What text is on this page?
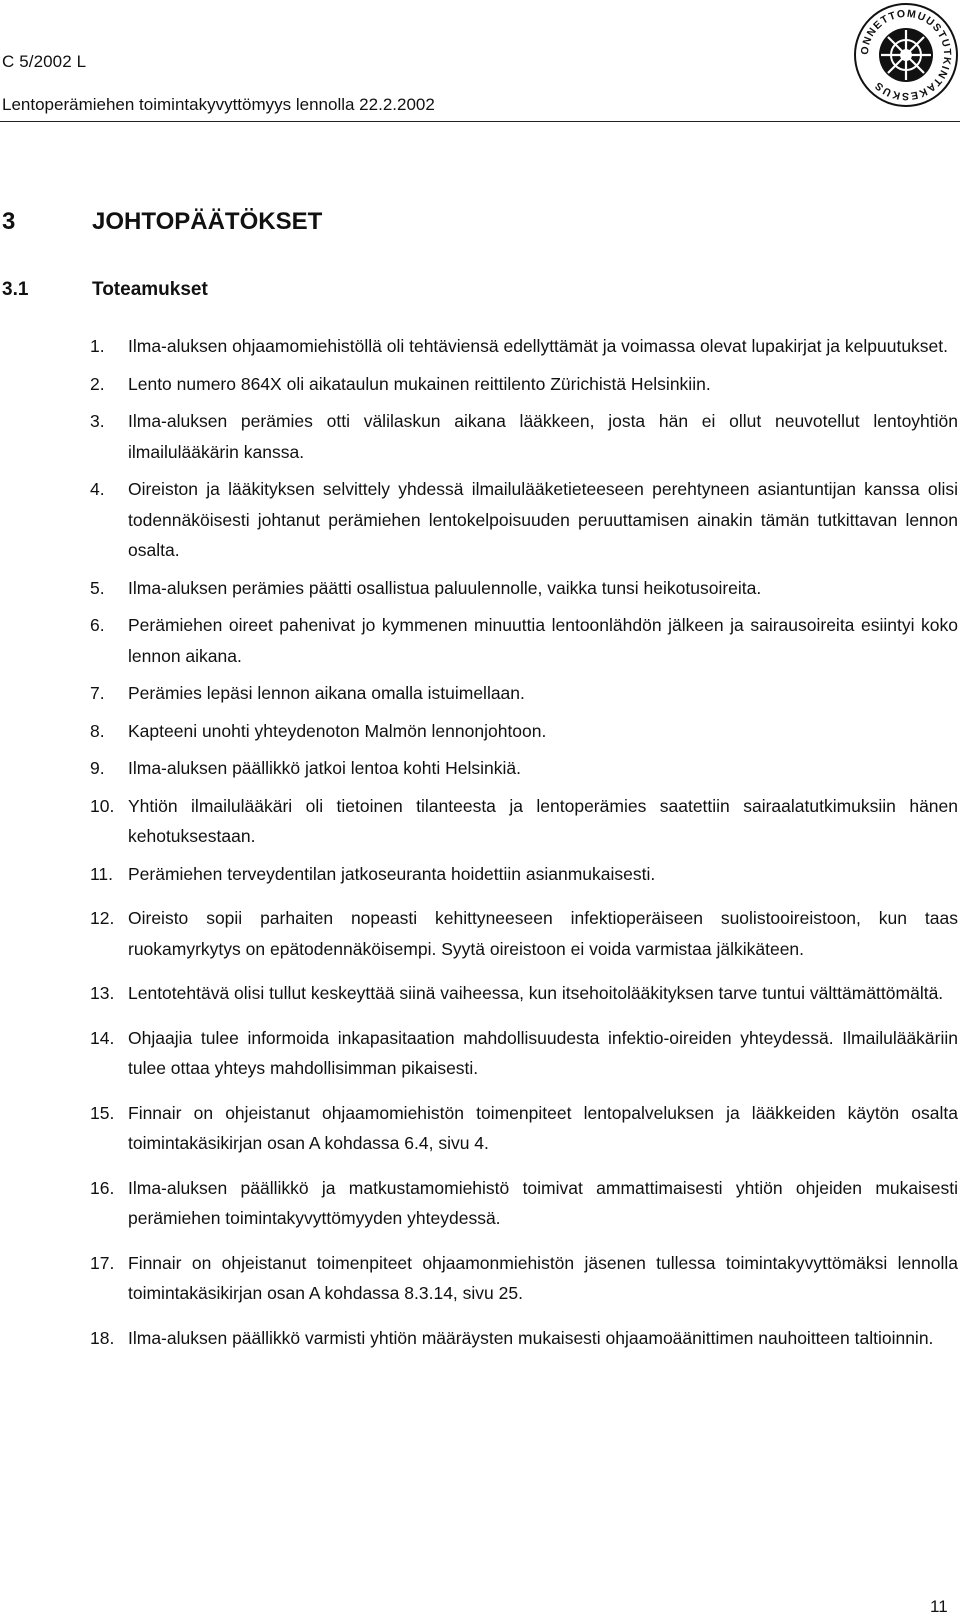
C 5/2002 L
Lentoperämiehen toimintakyvyttömyys lennolla 22.2.2002
ONNETTOMUUSTUTKINTAKESKUS
3	JOHTOPÄÄTÖKSET
3.1	Toteamukset
1. Ilma-aluksen ohjaamomiehistöllä oli tehtäviensä edellyttämät ja voimassa olevat lupakirjat ja kelpuutukset.
2. Lento numero 864X oli aikataulun mukainen reittilento Zürichistä Helsinkiin.
3. Ilma-aluksen perämies otti välilaskun aikana lääkkeen, josta hän ei ollut neuvotellut lentoyhtiön ilmailulääkärin kanssa.
4. Oireiston ja lääkityksen selvittely yhdessä ilmailulääketieteeseen perehtyneen asiantuntijan kanssa olisi todennäköisesti johtanut perämiehen lentokelpoisuuden peruuttamisen ainakin tämän tutkittavan lennon osalta.
5. Ilma-aluksen perämies päätti osallistua paluulennolle, vaikka tunsi heikotusoireita.
6. Perämiehen oireet pahenivat jo kymmenen minuuttia lentoonlähdön jälkeen ja sairausoireita esiintyi koko lennon aikana.
7. Perämies lepäsi lennon aikana omalla istuimellaan.
8. Kapteeni unohti yhteydenoton Malmön lennonjohtoon.
9. Ilma-aluksen päällikkö jatkoi lentoa kohti Helsinkiä.
10. Yhtiön ilmailulääkäri oli tietoinen tilanteesta ja lentoperämies saatettiin sairaalatutkimuksiin hänen kehotuksestaan.
11. Perämiehen terveydentilan jatkoseuranta hoidettiin asianmukaisesti.
12. Oireisto sopii parhaiten nopeasti kehittyneeseen infektioperäiseen suolistooireistoon, kun taas ruokamyrkytys on epätodennäköisempi. Syytä oireistoon ei voida varmistaa jälkikäteen.
13. Lentotehtävä olisi tullut keskeyttää siinä vaiheessa, kun itsehoitolääkityksen tarve tuntui välttämättömältä.
14. Ohjaajia tulee informoida inkapasitaation mahdollisuudesta infektio-oireiden yhteydessä. Ilmailulääkäriin tulee ottaa yhteys mahdollisimman pikaisesti.
15. Finnair on ohjeistanut ohjaamomiehistön toimenpiteet lentopalveluksen ja lääkkeiden käytön osalta toimintakäsikirjan osan A kohdassa 6.4, sivu 4.
16. Ilma-aluksen päällikkö ja matkustamomiehistö toimivat ammattimaisesti yhtiön ohjeiden mukaisesti perämiehen toimintakyvyttömyyden yhteydessä.
17. Finnair on ohjeistanut toimenpiteet ohjaamonmiehistön jäsenen tullessa toimintakyvyttömäksi lennolla toimintakäsikirjan osan A kohdassa 8.3.14, sivu 25.
18. Ilma-aluksen päällikkö varmisti yhtiön määräysten mukaisesti ohjaamoäänittimen nauhoitteen taltioinnin.
11
